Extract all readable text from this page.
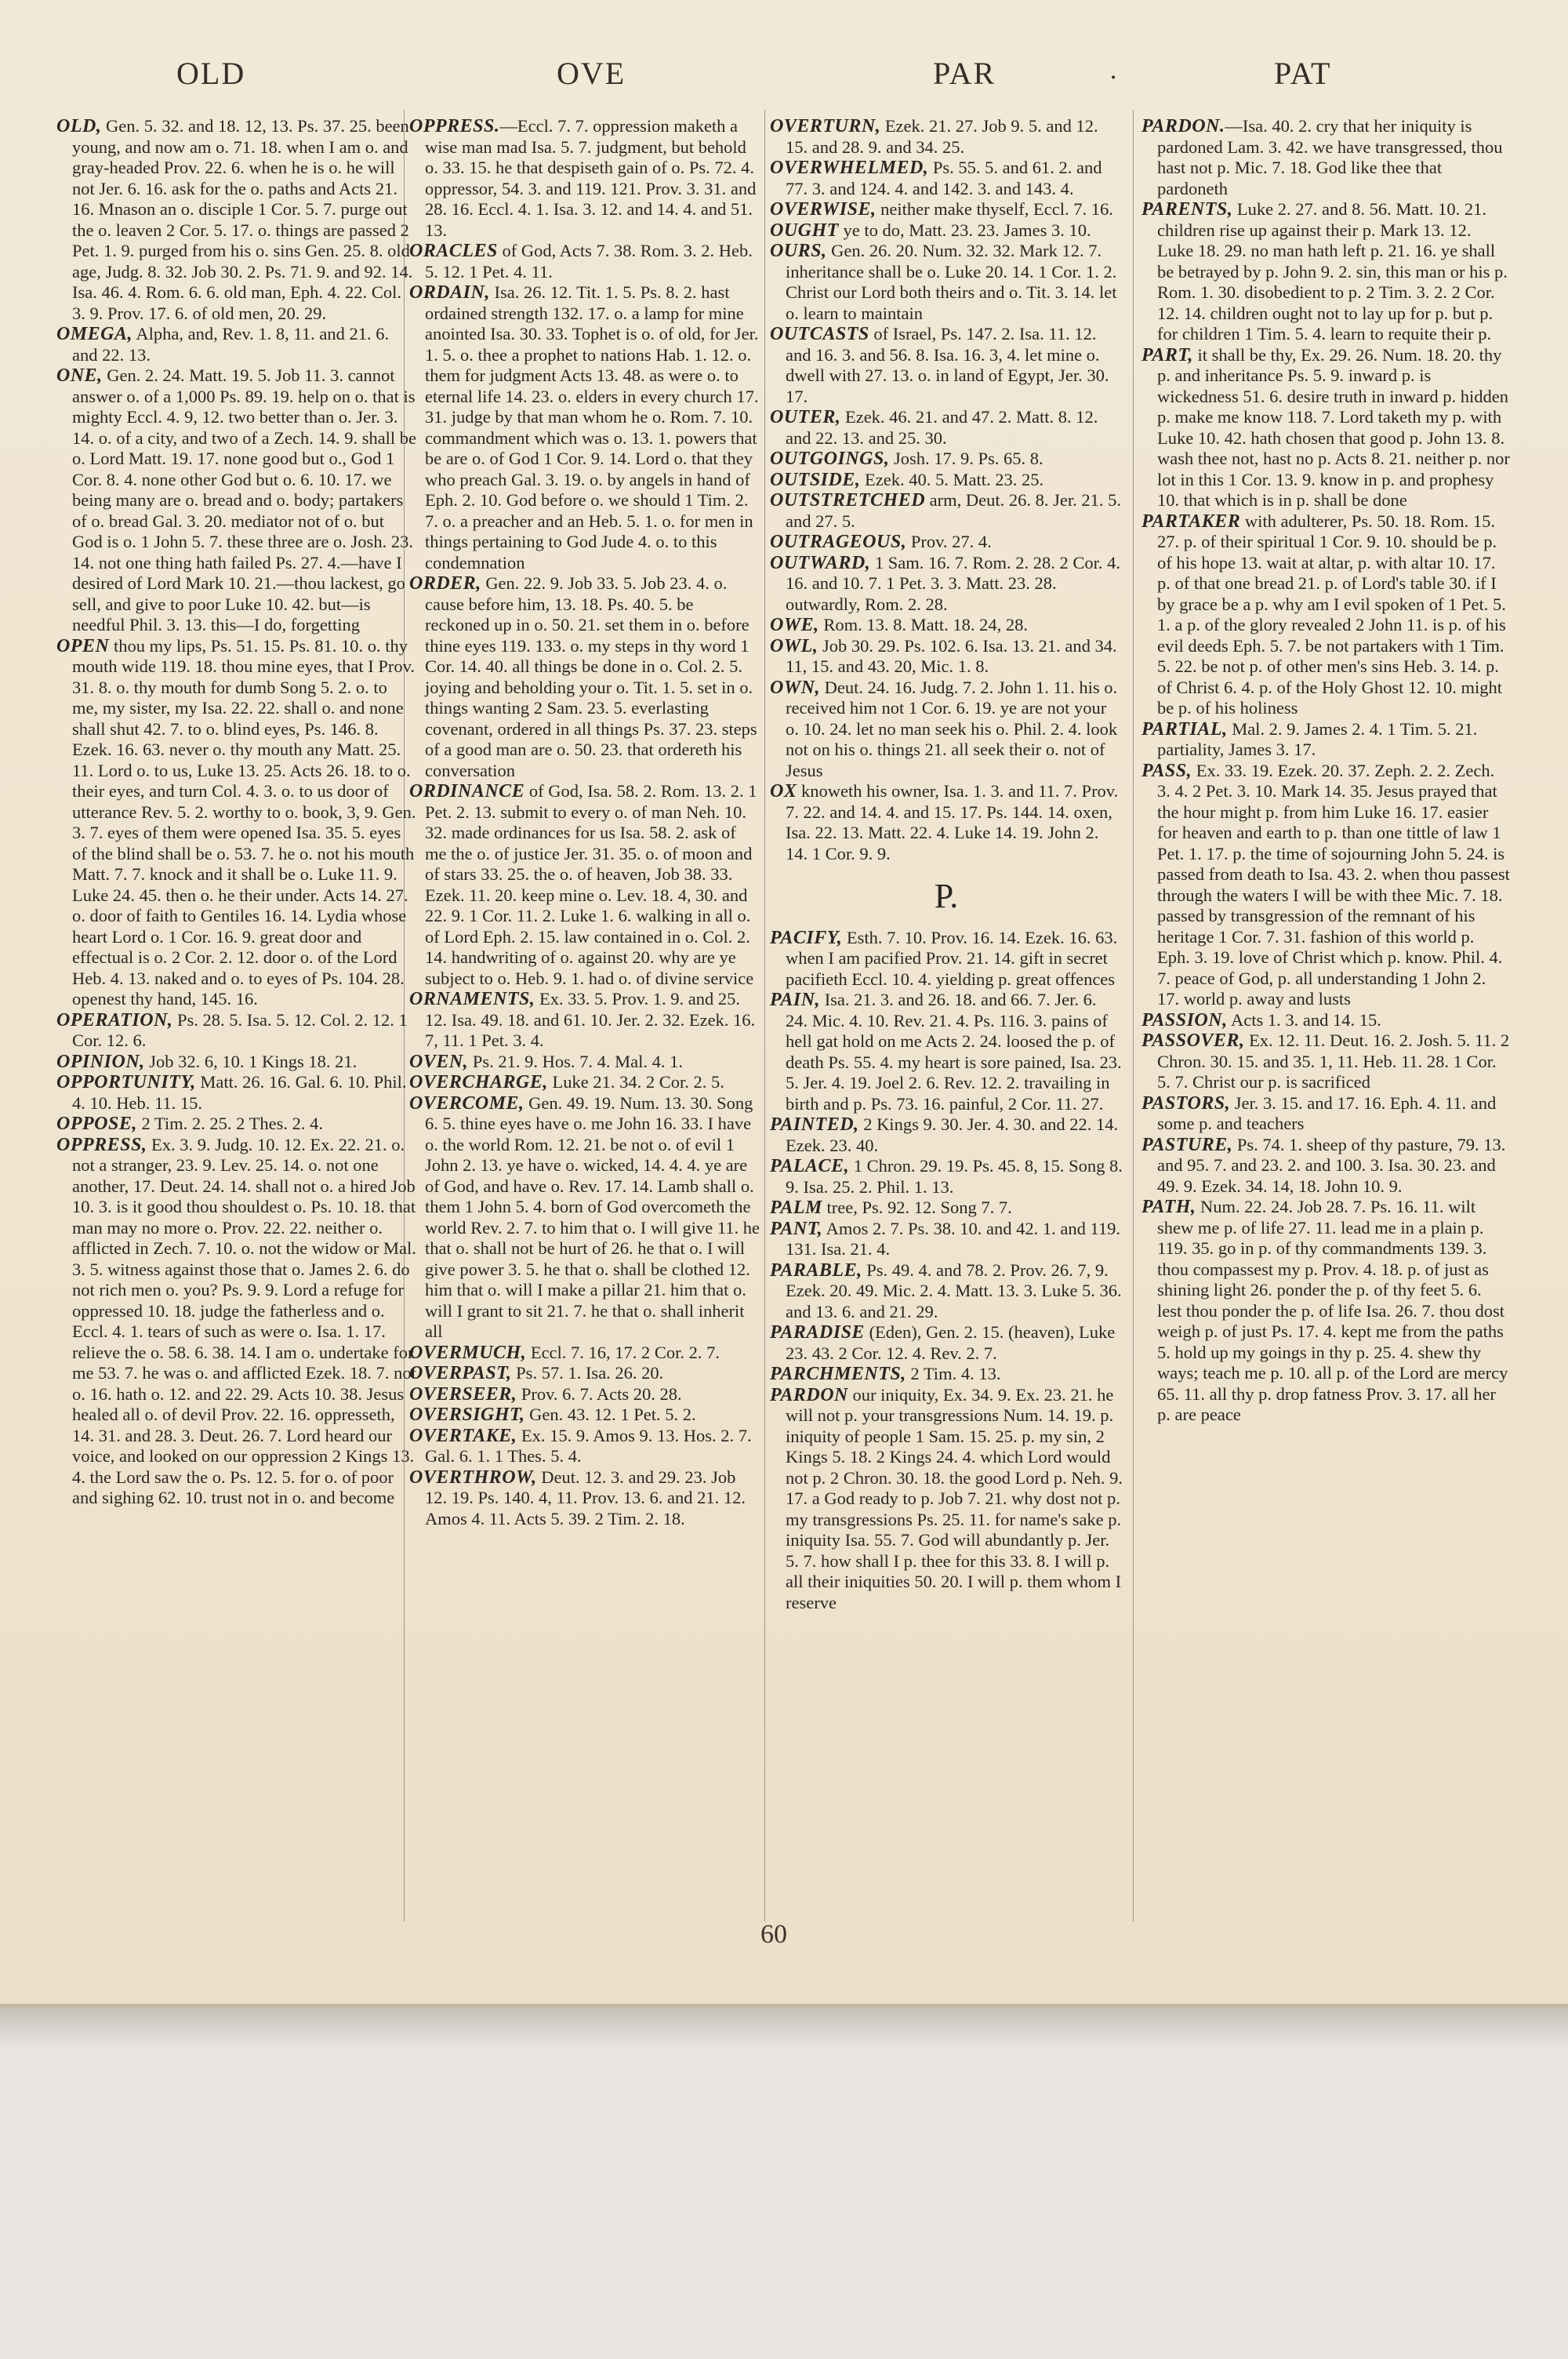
OLD	OVE	PAR	.	PAT

OLD, Gen. 5. 32. and 18. 12, 13. Ps. 37. 25. been young, and now am o. 71. 18. when I am o. and gray-headed Prov. 22. 6. when he is o. he will not Jer. 6. 16. ask for the o. paths and Acts 21. 16. Mnason an o. disciple 1 Cor. 5. 7. purge out the o. leaven 2 Cor. 5. 17. o. things are passed 2 Pet. 1. 9. purged from his o. sins Gen. 25. 8. old age, Judg. 8. 32. Job 30. 2. Ps. 71. 9. and 92. 14. Isa. 46. 4. Rom. 6. 6. old man, Eph. 4. 22. Col. 3. 9. Prov. 17. 6. of old men, 20. 29.

OMEGA, Alpha, and, Rev. 1. 8, 11. and 21. 6. and 22. 13.

ONE, Gen. 2. 24. Matt. 19. 5. Job 11. 3. cannot answer o. of a 1,000 Ps. 89. 19. help on o. that is mighty Eccl. 4. 9, 12. two better than o. Jer. 3. 14. o. of a city, and two of a Zech. 14. 9. shall be o. Lord Matt. 19. 17. none good but o., God 1 Cor. 8. 4. none other God but o. 6. 10. 17. we being many are o. bread and o. body; partakers of o. bread Gal. 3. 20. mediator not of o. but God is o. 1 John 5. 7. these three are o. Josh. 23. 14. not one thing hath failed Ps. 27. 4.—have I desired of Lord Mark 10. 21.—thou lackest, go sell, and give to poor Luke 10. 42. but—is needful Phil. 3. 13. this—I do, forgetting

OPEN thou my lips, Ps. 51. 15. Ps. 81. 10. o. thy mouth wide 119. 18. thou mine eyes, that I Prov. 31. 8. o. thy mouth for dumb Song 5. 2. o. to me, my sister, my Isa. 22. 22. shall o. and none shall shut 42. 7. to o. blind eyes, Ps. 146. 8. Ezek. 16. 63. never o. thy mouth any Matt. 25. 11. Lord o. to us, Luke 13. 25. Acts 26. 18. to o. their eyes, and turn Col. 4. 3. o. to us door of utterance Rev. 5. 2. worthy to o. book, 3, 9. Gen. 3. 7. eyes of them were opened Isa. 35. 5. eyes of the blind shall be o. 53. 7. he o. not his mouth Matt. 7. 7. knock and it shall be o. Luke 11. 9. Luke 24. 45. then o. he their under. Acts 14. 27. o. door of faith to Gentiles 16. 14. Lydia whose heart Lord o. 1 Cor. 16. 9. great door and effectual is o. 2 Cor. 2. 12. door o. of the Lord Heb. 4. 13. naked and o. to eyes of Ps. 104. 28. openest thy hand, 145. 16.

OPERATION, Ps. 28. 5. Isa. 5. 12. Col. 2. 12. 1 Cor. 12. 6.

OPINION, Job 32. 6, 10. 1 Kings 18. 21.

OPPORTUNITY, Matt. 26. 16. Gal. 6. 10. Phil. 4. 10. Heb. 11. 15.

OPPOSE, 2 Tim. 2. 25. 2 Thes. 2. 4.

OPPRESS, Ex. 3. 9. Judg. 10. 12. Ex. 22. 21. o. not a stranger, 23. 9. Lev. 25. 14. o. not one another, 17. Deut. 24. 14. shall not o. a hired Job 10. 3. is it good thou shouldest o. Ps. 10. 18. that man may no more o. Prov. 22. 22. neither o. afflicted in Zech. 7. 10. o. not the widow or Mal. 3. 5. witness against those that o. James 2. 6. do not rich men o. you? Ps. 9. 9. Lord a refuge for oppressed 10. 18. judge the fatherless and o. Eccl. 4. 1. tears of such as were o. Isa. 1. 17. relieve the o. 58. 6. 38. 14. I am o. undertake for me 53. 7. he was o. and afflicted Ezek. 18. 7. not o. 16. hath o. 12. and 22. 29. Acts 10. 38. Jesus healed all o. of devil Prov. 22. 16. oppresseth, 14. 31. and 28. 3. Deut. 26. 7. Lord heard our voice, and looked on our oppression 2 Kings 13. 4. the Lord saw the o. Ps. 12. 5. for o. of poor and sighing 62. 10. trust not in o. and become

OPPRESS.—Eccl. 7. 7. oppression maketh a wise man mad Isa. 5. 7. judgment, but behold o. 33. 15. he that despiseth gain of o. Ps. 72. 4. oppressor, 54. 3. and 119. 121. Prov. 3. 31. and 28. 16. Eccl. 4. 1. Isa. 3. 12. and 14. 4. and 51. 13.

ORACLES of God, Acts 7. 38. Rom. 3. 2. Heb. 5. 12. 1 Pet. 4. 11.

ORDAIN, Isa. 26. 12. Tit. 1. 5. Ps. 8. 2. hast ordained strength 132. 17. o. a lamp for mine anointed Isa. 30. 33. Tophet is o. of old, for Jer. 1. 5. o. thee a prophet to nations Hab. 1. 12. o. them for judgment Acts 13. 48. as were o. to eternal life 14. 23. o. elders in every church 17. 31. judge by that man whom he o. Rom. 7. 10. commandment which was o. 13. 1. powers that be are o. of God 1 Cor. 9. 14. Lord o. that they who preach Gal. 3. 19. o. by angels in hand of Eph. 2. 10. God before o. we should 1 Tim. 2. 7. o. a preacher and an Heb. 5. 1. o. for men in things pertaining to God Jude 4. o. to this condemnation

ORDER, Gen. 22. 9. Job 33. 5. Job 23. 4. o. cause before him, 13. 18. Ps. 40. 5. be reckoned up in o. 50. 21. set them in o. before thine eyes 119. 133. o. my steps in thy word 1 Cor. 14. 40. all things be done in o. Col. 2. 5. joying and beholding your o. Tit. 1. 5. set in o. things wanting 2 Sam. 23. 5. everlasting covenant, ordered in all things Ps. 37. 23. steps of a good man are o. 50. 23. that ordereth his conversation

ORDINANCE of God, Isa. 58. 2. Rom. 13. 2. 1 Pet. 2. 13. submit to every o. of man Neh. 10. 32. made ordinances for us Isa. 58. 2. ask of me the o. of justice Jer. 31. 35. o. of moon and of stars 33. 25. the o. of heaven, Job 38. 33. Ezek. 11. 20. keep mine o. Lev. 18. 4, 30. and 22. 9. 1 Cor. 11. 2. Luke 1. 6. walking in all o. of Lord Eph. 2. 15. law contained in o. Col. 2. 14. handwriting of o. against 20. why are ye subject to o. Heb. 9. 1. had o. of divine service

ORNAMENTS, Ex. 33. 5. Prov. 1. 9. and 25. 12. Isa. 49. 18. and 61. 10. Jer. 2. 32. Ezek. 16. 7, 11. 1 Pet. 3. 4.

OVEN, Ps. 21. 9. Hos. 7. 4. Mal. 4. 1.

OVERCHARGE, Luke 21. 34. 2 Cor. 2. 5.

OVERCOME, Gen. 49. 19. Num. 13. 30. Song 6. 5. thine eyes have o. me John 16. 33. I have o. the world Rom. 12. 21. be not o. of evil 1 John 2. 13. ye have o. wicked, 14. 4. 4. ye are of God, and have o. Rev. 17. 14. Lamb shall o. them 1 John 5. 4. born of God overcometh the world Rev. 2. 7. to him that o. I will give 11. he that o. shall not be hurt of 26. he that o. I will give power 3. 5. he that o. shall be clothed 12. him that o. will I make a pillar 21. him that o. will I grant to sit 21. 7. he that o. shall inherit all

OVERMUCH, Eccl. 7. 16, 17. 2 Cor. 2. 7.

OVERPAST, Ps. 57. 1. Isa. 26. 20.

OVERSEER, Prov. 6. 7. Acts 20. 28.

OVERSIGHT, Gen. 43. 12. 1 Pet. 5. 2.

OVERTAKE, Ex. 15. 9. Amos 9. 13. Hos. 2. 7. Gal. 6. 1. 1 Thes. 5. 4.

OVERTHROW, Deut. 12. 3. and 29. 23. Job 12. 19. Ps. 140. 4, 11. Prov. 13. 6. and 21. 12. Amos 4. 11. Acts 5. 39. 2 Tim. 2. 18.

OVERTURN, Ezek. 21. 27. Job 9. 5. and 12. 15. and 28. 9. and 34. 25.

OVERWHELMED, Ps. 55. 5. and 61. 2. and 77. 3. and 124. 4. and 142. 3. and 143. 4.

OVERWISE, neither make thyself, Eccl. 7. 16.

OUGHT ye to do, Matt. 23. 23. James 3. 10.

OURS, Gen. 26. 20. Num. 32. 32. Mark 12. 7. inheritance shall be o. Luke 20. 14. 1 Cor. 1. 2. Christ our Lord both theirs and o. Tit. 3. 14. let o. learn to maintain

OUTCASTS of Israel, Ps. 147. 2. Isa. 11. 12. and 16. 3. and 56. 8. Isa. 16. 3, 4. let mine o. dwell with 27. 13. o. in land of Egypt, Jer. 30. 17.

OUTER, Ezek. 46. 21. and 47. 2. Matt. 8. 12. and 22. 13. and 25. 30.

OUTGOINGS, Josh. 17. 9. Ps. 65. 8.

OUTSIDE, Ezek. 40. 5. Matt. 23. 25.

OUTSTRETCHED arm, Deut. 26. 8. Jer. 21. 5. and 27. 5.

OUTRAGEOUS, Prov. 27. 4.

OUTWARD, 1 Sam. 16. 7. Rom. 2. 28. 2 Cor. 4. 16. and 10. 7. 1 Pet. 3. 3. Matt. 23. 28. outwardly, Rom. 2. 28.

OWE, Rom. 13. 8. Matt. 18. 24, 28.

OWL, Job 30. 29. Ps. 102. 6. Isa. 13. 21. and 34. 11, 15. and 43. 20, Mic. 1. 8.

OWN, Deut. 24. 16. Judg. 7. 2. John 1. 11. his o. received him not 1 Cor. 6. 19. ye are not your o. 10. 24. let no man seek his o. Phil. 2. 4. look not on his o. things 21. all seek their o. not of Jesus

OX knoweth his owner, Isa. 1. 3. and 11. 7. Prov. 7. 22. and 14. 4. and 15. 17. Ps. 144. 14. oxen, Isa. 22. 13. Matt. 22. 4. Luke 14. 19. John 2. 14. 1 Cor. 9. 9.

P.

PACIFY, Esth. 7. 10. Prov. 16. 14. Ezek. 16. 63. when I am pacified Prov. 21. 14. gift in secret pacifieth Eccl. 10. 4. yielding p. great offences

PAIN, Isa. 21. 3. and 26. 18. and 66. 7. Jer. 6. 24. Mic. 4. 10. Rev. 21. 4. Ps. 116. 3. pains of hell gat hold on me Acts 2. 24. loosed the p. of death Ps. 55. 4. my heart is sore pained, Isa. 23. 5. Jer. 4. 19. Joel 2. 6. Rev. 12. 2. travailing in birth and p. Ps. 73. 16. painful, 2 Cor. 11. 27.

PAINTED, 2 Kings 9. 30. Jer. 4. 30. and 22. 14. Ezek. 23. 40.

PALACE, 1 Chron. 29. 19. Ps. 45. 8, 15. Song 8. 9. Isa. 25. 2. Phil. 1. 13.

PALM tree, Ps. 92. 12. Song 7. 7.

PANT, Amos 2. 7. Ps. 38. 10. and 42. 1. and 119. 131. Isa. 21. 4.

PARABLE, Ps. 49. 4. and 78. 2. Prov. 26. 7, 9. Ezek. 20. 49. Mic. 2. 4. Matt. 13. 3. Luke 5. 36. and 13. 6. and 21. 29.

PARADISE (Eden), Gen. 2. 15. (heaven), Luke 23. 43. 2 Cor. 12. 4. Rev. 2. 7.

PARCHMENTS, 2 Tim. 4. 13.

PARDON our iniquity, Ex. 34. 9. Ex. 23. 21. he will not p. your transgressions Num. 14. 19. p. iniquity of people 1 Sam. 15. 25. p. my sin, 2 Kings 5. 18. 2 Kings 24. 4. which Lord would not p. 2 Chron. 30. 18. the good Lord p. Neh. 9. 17. a God ready to p. Job 7. 21. why dost not p. my transgressions Ps. 25. 11. for name's sake p. iniquity Isa. 55. 7. God will abundantly p. Jer. 5. 7. how shall I p. thee for this 33. 8. I will p. all their iniquities 50. 20. I will p. them whom I reserve

PARDON.—Isa. 40. 2. cry that her iniquity is pardoned Lam. 3. 42. we have transgressed, thou hast not p. Mic. 7. 18. God like thee that pardoneth

PARENTS, Luke 2. 27. and 8. 56. Matt. 10. 21. children rise up against their p. Mark 13. 12. Luke 18. 29. no man hath left p. 21. 16. ye shall be betrayed by p. John 9. 2. sin, this man or his p. Rom. 1. 30. disobedient to p. 2 Tim. 3. 2. 2 Cor. 12. 14. children ought not to lay up for p. but p. for children 1 Tim. 5. 4. learn to requite their p.

PART, it shall be thy, Ex. 29. 26. Num. 18. 20. thy p. and inheritance Ps. 5. 9. inward p. is wickedness 51. 6. desire truth in inward p. hidden p. make me know 118. 7. Lord taketh my p. with Luke 10. 42. hath chosen that good p. John 13. 8. wash thee not, hast no p. Acts 8. 21. neither p. nor lot in this 1 Cor. 13. 9. know in p. and prophesy 10. that which is in p. shall be done

PARTAKER with adulterer, Ps. 50. 18. Rom. 15. 27. p. of their spiritual 1 Cor. 9. 10. should be p. of his hope 13. wait at altar, p. with altar 10. 17. p. of that one bread 21. p. of Lord's table 30. if I by grace be a p. why am I evil spoken of 1 Pet. 5. 1. a p. of the glory revealed 2 John 11. is p. of his evil deeds Eph. 5. 7. be not partakers with 1 Tim. 5. 22. be not p. of other men's sins Heb. 3. 14. p. of Christ 6. 4. p. of the Holy Ghost 12. 10. might be p. of his holiness

PARTIAL, Mal. 2. 9. James 2. 4. 1 Tim. 5. 21. partiality, James 3. 17.

PASS, Ex. 33. 19. Ezek. 20. 37. Zeph. 2. 2. Zech. 3. 4. 2 Pet. 3. 10. Mark 14. 35. Jesus prayed that the hour might p. from him Luke 16. 17. easier for heaven and earth to p. than one tittle of law 1 Pet. 1. 17. p. the time of sojourning John 5. 24. is passed from death to Isa. 43. 2. when thou passest through the waters I will be with thee Mic. 7. 18. passed by transgression of the remnant of his heritage 1 Cor. 7. 31. fashion of this world p. Eph. 3. 19. love of Christ which p. know. Phil. 4. 7. peace of God, p. all understanding 1 John 2. 17. world p. away and lusts

PASSION, Acts 1. 3. and 14. 15.

PASSOVER, Ex. 12. 11. Deut. 16. 2. Josh. 5. 11. 2 Chron. 30. 15. and 35. 1, 11. Heb. 11. 28. 1 Cor. 5. 7. Christ our p. is sacrificed

PASTORS, Jer. 3. 15. and 17. 16. Eph. 4. 11. and some p. and teachers

PASTURE, Ps. 74. 1. sheep of thy pasture, 79. 13. and 95. 7. and 23. 2. and 100. 3. Isa. 30. 23. and 49. 9. Ezek. 34. 14, 18. John 10. 9.

PATH, Num. 22. 24. Job 28. 7. Ps. 16. 11. wilt shew me p. of life 27. 11. lead me in a plain p. 119. 35. go in p. of thy commandments 139. 3. thou compassest my p. Prov. 4. 18. p. of just as shining light 26. ponder the p. of thy feet 5. 6. lest thou ponder the p. of life Isa. 26. 7. thou dost weigh p. of just Ps. 17. 4. kept me from the paths 5. hold up my goings in thy p. 25. 4. shew thy ways; teach me p. 10. all p. of the Lord are mercy 65. 11. all thy p. drop fatness Prov. 3. 17. all her p. are peace

60
